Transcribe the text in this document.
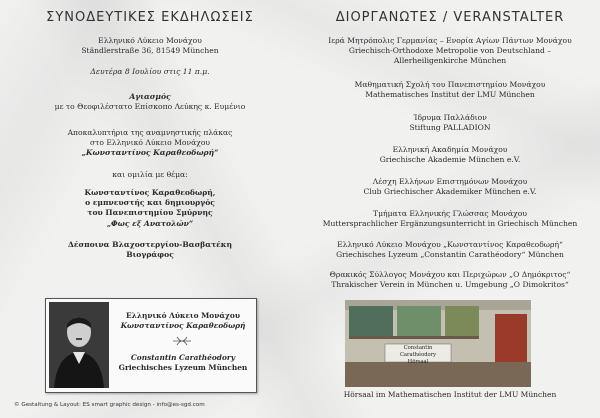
ΣΥΝΟΔΕΥΤΙΚΕΣ ΕΚΔΗΛΩΣΕΙΣ
Ελληνικό Λύκειο Μονάχου
Ständlerstraße 36, 81549 München
Δευτέρα 8 Ιουλίου στις 11 π.μ.
Αγιασμός
με το Θεοφιλέστατο Επίσκοπο Λεύκης κ. Ευμένιο
Αποκαλυπτήρια της αναμνηστικής πλάκας
στο Ελληνικό Λύκειο Μονάχου
„Κωνσταντίνος Καραθεοδωρή“
και ομιλία με θέμα:
Κωνσταντίνος Καραθεοδωρή,
ο εμπνευστής και δημιουργός
του Πανεπιστημίου Σμύρνης
„Φως εξ Ανατολών“
Δέσποινα Βλαχοστεργίου-Βασβατέκη
Βιογράφος
Ελληνικό Λύκειο Μονάχου
Κωνσταντίνος Καραθεοδωρή
Constantin Carathéodory
Griechisches Lyzeum München
© Gestaltung & Layout: ES smart graphic design - info@es-sgd.com
ΔΙΟΡΓΑΝΩΤΕΣ / VERANSTALTER
Ιερά Μητρόπολις Γερμανίας – Ενορία Αγίων Πάντων Μονάχου
Griechisch-Orthodoxe Metropolie von Deutschland –
Allerheiligenkirche München
Μαθηματική Σχολή του Πανεπιστημίου Μονάχου
Mathematisches Institut der LMU München
Ίδρυμα Παλλάδιον
Stiftung PALLADION
Ελληνική Ακαδημία Μονάχου
Griechische Akademie München e.V.
Λέσχη Ελλήνων Επιστημόνων Μονάχου
Club Griechischer Akademiker München e.V.
Τμήματα Ελληνικής Γλώσσας Μονάχου
Muttersprachlicher Ergänzungsunterricht in Griechisch München
Ελληνικό Λύκειο Μονάχου „Κωνσταντίνος Καραθεοδωρή“
Griechisches Lyzeum „Constantin Carathéodory“ München
Θρακικός Σύλλογος Μονάχου και Περιχώρων „Ο Δημόκριτος“
Thrakischer Verein in München u. Umgebung „O Dimokritos“
Constantin Carathéodory
Hörsaal
Hörsaal im Mathematischen Institut der LMU München
